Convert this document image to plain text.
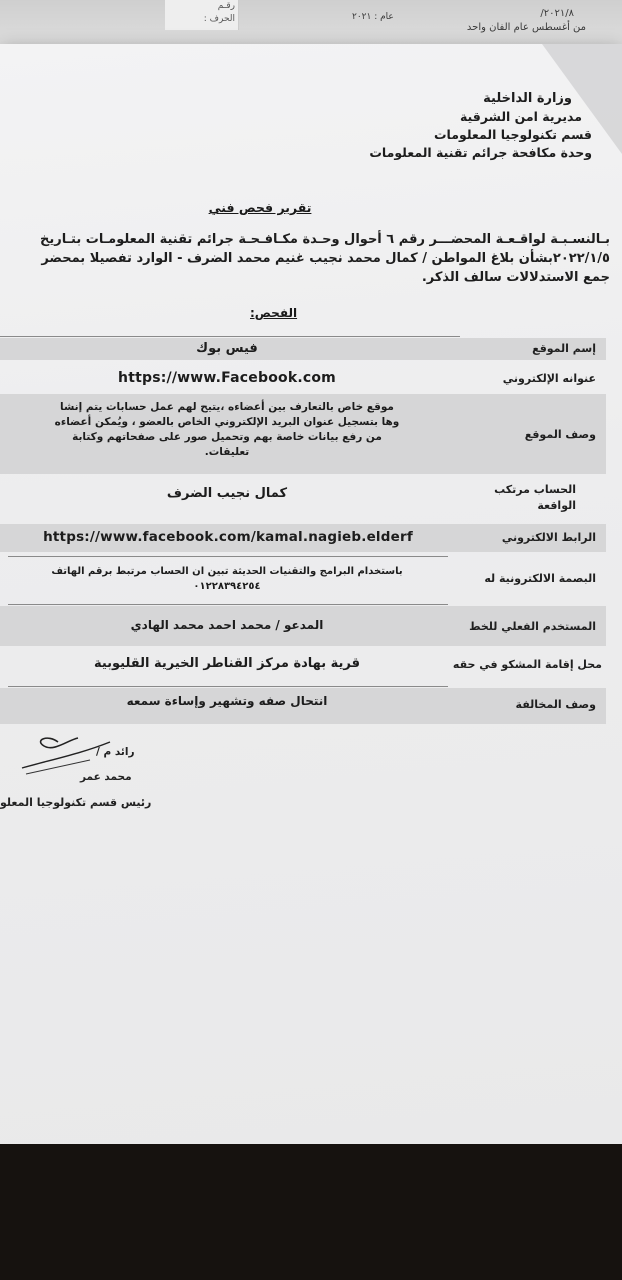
رقـم
الحرف :	عام : ٢٠٢١	٢٠٢١/٨/
من أغسطس عام الفان واحد
وزارة الداخلية
مديرية امن الشرقية
قسم تكنولوجيا المعلومات
وحدة مكافحة جرائم تقنية المعلومات
تقرير فحص فني
بـالنسـبـة لواقـعـة المحضـــر رقم ٦ أحوال وحـدة مكـافـحـة جرائم تقنية المعلومـات بتـاريخ
٢٠٢٢/١/٥بشأن بلاغ المواطن / كمال محمد نجيب غنيم محمد الضرف - الوارد تفصيلا بمحضر
جمع الاستدلالات سالف الذكر.
الفحص:
إسم الموقع
فيس بوك
عنوانه الإلكتروني
https://www.Facebook.com
وصف الموقع
موقع خاص بالتعارف بين أعضاءه ،يتيح لهم عمل حسابات يتم إنشا
وها بتسجيل عنوان البريد الإلكتروني الخاص بالعضو ، ويُمكن أعضاءه
من رفع بيانات خاصة بهم وتحميل صور على صفحاتهم وكتابة
تعليقات.
الحساب مرتكب الواقعة
كمال نجيب الضرف
الرابط الالكتروني
https://www.facebook.com/kamal.nagieb.elderf
البصمة الالكترونية له
باستخدام البرامج والتقنيات الحديثة تبين ان الحساب مرتبط برقم الهاتف
٠١٢٢٨٣٩٤٢٥٤
المستخدم الفعلي للخط
المدعو / محمد احمد محمد الهادي
محل إقامة المشكو في حقه
قرية بهادة مركز القناطر الخيرية القليوبية
وصف المخالفة
انتحال صفه وتشهير وإساءة سمعه
رائد م /
محمد عمر
رئيس قسم تكنولوجيا المعلو
